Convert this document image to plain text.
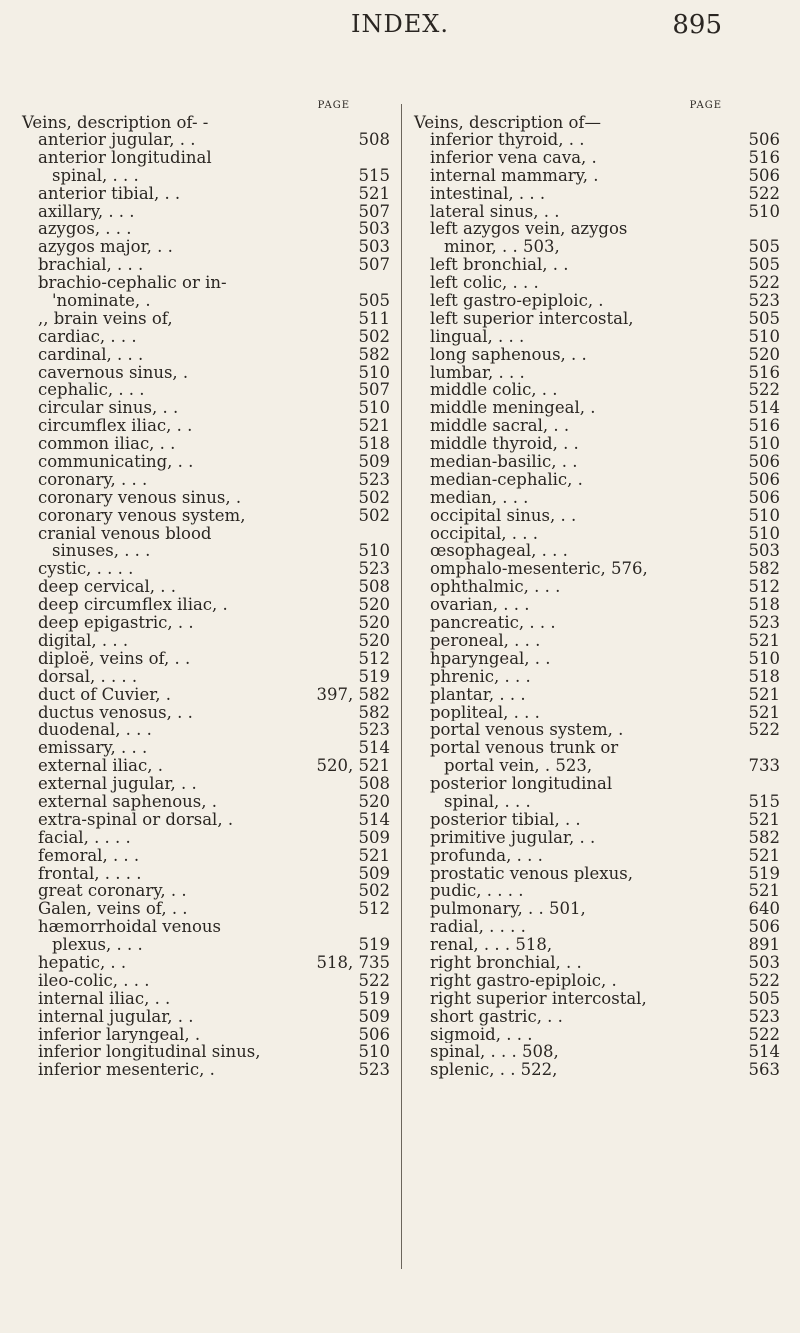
INDEX.	895
PAGE
Veins, description of- -
anterior jugular, . .	508
anterior longitudinal
spinal, . . .	515
anterior tibial, . .	521
axillary, . . .	507
azygos, . . .	503
azygos major, . .	503
brachial, . . .	507
brachio-cephalic or in-
'nominate, .	505
,, brain veins of,	511
cardiac, . . .	502
cardinal, . . .	582
cavernous sinus, .	510
cephalic, . . .	507
circular sinus, . .	510
circumflex iliac, . .	521
common iliac, . .	518
communicating, . .	509
coronary, . . .	523
coronary venous sinus, .	502
coronary venous system,	502
cranial venous blood
sinuses, . . .	510
cystic, . . . .	523
deep cervical, . .	508
deep circumflex iliac, .	520
deep epigastric, . .	520
digital, . . .	520
diploë, veins of, . .	512
dorsal, . . . .	519
duct of Cuvier, .	397, 582
ductus venosus, . .	582
duodenal, . . .	523
emissary, . . .	514
external iliac, .	520, 521
external jugular, . .	508
external saphenous, .	520
extra-spinal or dorsal, .	514
facial, . . . .	509
femoral, . . .	521
frontal, . . . .	509
great coronary, . .	502
Galen, veins of, . .	512
hæmorrhoidal venous
plexus, . . .	519
hepatic, . .	518, 735
ileo-colic, . . .	522
internal iliac, . .	519
internal jugular, . .	509
inferior laryngeal, .	506
inferior longitudinal sinus,	510
inferior mesenteric, .	523
PAGE
Veins, description of—
inferior thyroid, . .	506
inferior vena cava, .	516
internal mammary, .	506
intestinal, . . .	522
lateral sinus, . .	510
left azygos vein, azygos
minor, . . 503,	505
left bronchial, . .	505
left colic, . . .	522
left gastro-epiploic, .	523
left superior intercostal,	505
lingual, . . .	510
long saphenous, . .	520
lumbar, . . .	516
middle colic, . .	522
middle meningeal, .	514
middle sacral, . .	516
middle thyroid, . .	510
median-basilic, . .	506
median-cephalic, .	506
median, . . .	506
occipital sinus, . .	510
occipital, . . .	510
œsophageal, . . .	503
omphalo-mesenteric, 576,	582
ophthalmic, . . .	512
ovarian, . . .	518
pancreatic, . . .	523
peroneal, . . .	521
hparyngeal, . .	510
phrenic, . . .	518
plantar, . . .	521
popliteal, . . .	521
portal venous system, .	522
portal venous trunk or
portal vein, . 523,	733
posterior longitudinal
spinal, . . .	515
posterior tibial, . .	521
primitive jugular, . .	582
profunda, . . .	521
prostatic venous plexus,	519
pudic, . . . .	521
pulmonary, . . 501,	640
radial, . . . .	506
renal, . . . 518,	891
right bronchial, . .	503
right gastro-epiploic, .	522
right superior intercostal,	505
short gastric, . .	523
sigmoid, . . .	522
spinal, . . . 508,	514
splenic, . . 522,	563
